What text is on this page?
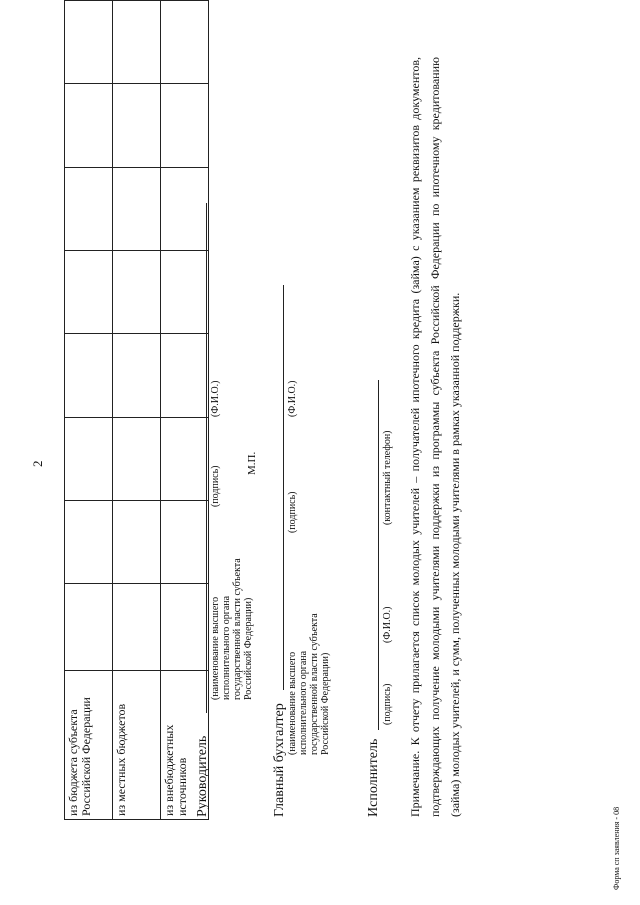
2
из бюджета субъекта Российской Федерации								
из местных бюджетов								
из внебюджетных источников								Руководитель
(наименование высшего исполнительного органа государственной власти субъекта Российской Федерации)
(подпись)
(Ф.И.О.)
М.П.
Главный бухгалтер (наименование высшего исполнительного органа государственной власти субъекта Российской Федерации)
(подпись)
(Ф.И.О.)
Исполнитель
(подпись)
(Ф.И.О.)
(контактный телефон)
Примечание. К отчету прилагается список молодых учителей – получателей ипотечного кредита (займа) с указанием реквизитов документов, подтверждающих получение молодыми учителями поддержки из программы субъекта Российской Федерации по ипотечному кредитованию (займа) молодых учителей, и сумм, полученных молодыми учителями в рамках указанной поддержки.
Форма сп заявления - 08
